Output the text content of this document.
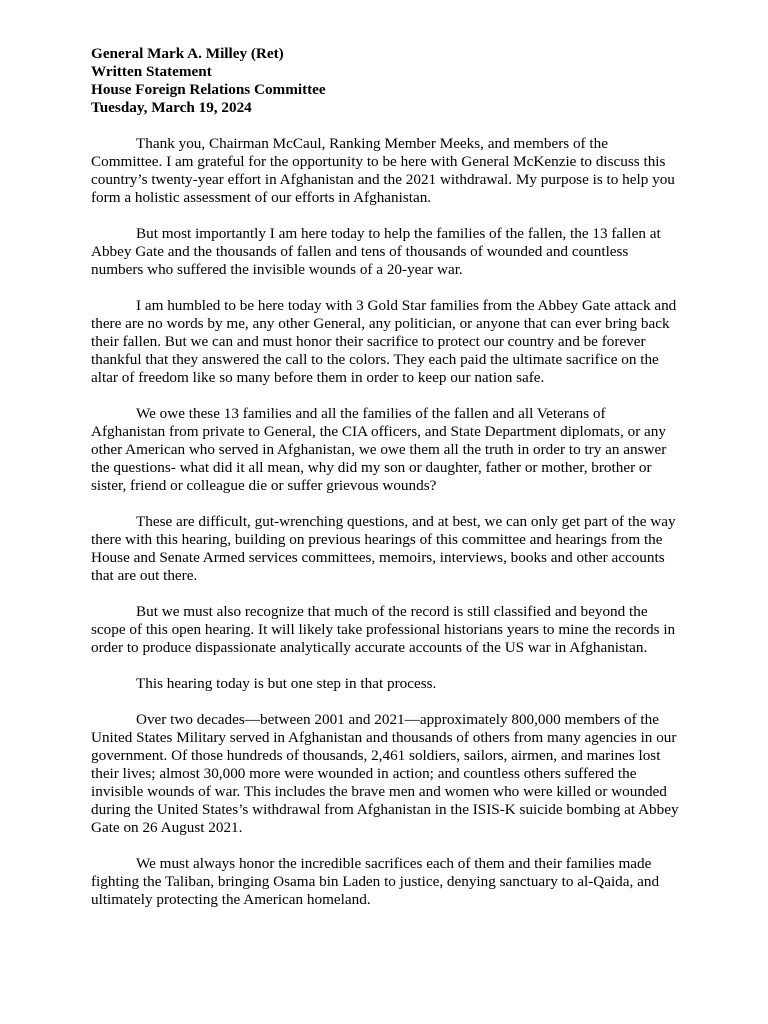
General Mark A. Milley (Ret)
Written Statement
House Foreign Relations Committee
Tuesday, March 19, 2024

Thank you, Chairman McCaul, Ranking Member Meeks, and members of the
Committee. I am grateful for the opportunity to be here with General McKenzie to discuss this
country’s twenty-year effort in Afghanistan and the 2021 withdrawal. My purpose is to help you
form a holistic assessment of our efforts in Afghanistan.

But most importantly I am here today to help the families of the fallen, the 13 fallen at
Abbey Gate and the thousands of fallen and tens of thousands of wounded and countless
numbers who suffered the invisible wounds of a 20-year war.

I am humbled to be here today with 3 Gold Star families from the Abbey Gate attack and
there are no words by me, any other General, any politician, or anyone that can ever bring back
their fallen. But we can and must honor their sacrifice to protect our country and be forever
thankful that they answered the call to the colors. They each paid the ultimate sacrifice on the
altar of freedom like so many before them in order to keep our nation safe.

We owe these 13 families and all the families of the fallen and all Veterans of
Afghanistan from private to General, the CIA officers, and State Department diplomats, or any
other American who served in Afghanistan, we owe them all the truth in order to try an answer
the questions- what did it all mean, why did my son or daughter, father or mother, brother or
sister, friend or colleague die or suffer grievous wounds?

These are difficult, gut-wrenching questions, and at best, we can only get part of the way
there with this hearing, building on previous hearings of this committee and hearings from the
House and Senate Armed services committees, memoirs, interviews, books and other accounts
that are out there.

But we must also recognize that much of the record is still classified and beyond the
scope of this open hearing. It will likely take professional historians years to mine the records in
order to produce dispassionate analytically accurate accounts of the US war in Afghanistan.

This hearing today is but one step in that process.

Over two decades—between 2001 and 2021—approximately 800,000 members of the
United States Military served in Afghanistan and thousands of others from many agencies in our
government. Of those hundreds of thousands, 2,461 soldiers, sailors, airmen, and marines lost
their lives; almost 30,000 more were wounded in action; and countless others suffered the
invisible wounds of war. This includes the brave men and women who were killed or wounded
during the United States’s withdrawal from Afghanistan in the ISIS-K suicide bombing at Abbey
Gate on 26 August 2021.

We must always honor the incredible sacrifices each of them and their families made
fighting the Taliban, bringing Osama bin Laden to justice, denying sanctuary to al-Qaida, and
ultimately protecting the American homeland.
